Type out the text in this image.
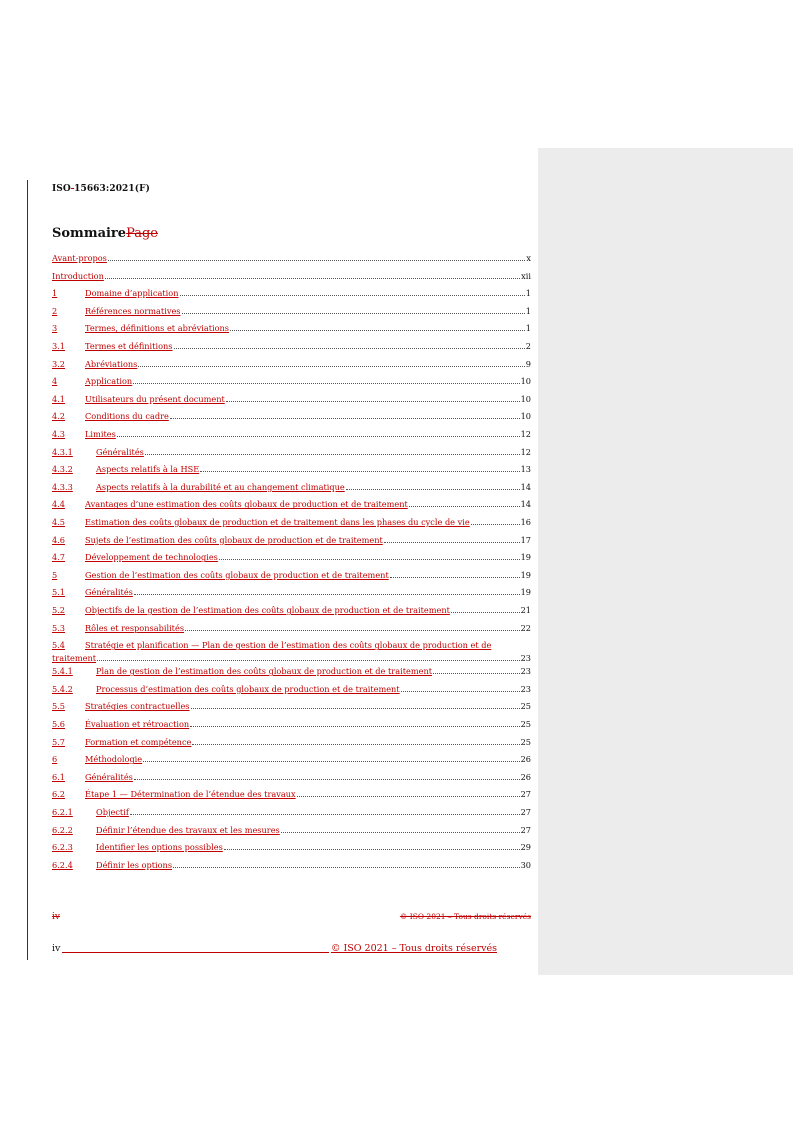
ISO 15663:2021(F)
SommairePage
Avant-propos	x
Introduction	xii
1	Domaine d’application	1
2	Références normatives	1
3	Termes, définitions et abréviations	1
3.1	Termes et définitions	2
3.2	Abréviations	9
4	Application	10
4.1	Utilisateurs du présent document	10
4.2	Conditions du cadre	10
4.3	Limites	12
4.3.1	Généralités	12
4.3.2	Aspects relatifs à la HSE	13
4.3.3	Aspects relatifs à la durabilité et au changement climatique	14
4.4	Avantages d’une estimation des coûts globaux de production et de traitement	14
4.5	Estimation des coûts globaux de production et de traitement dans les phases du cycle de vie	16
4.6	Sujets de l’estimation des coûts globaux de production et de traitement	17
4.7	Développement de technologies	19
5	Gestion de l’estimation des coûts globaux de production et de traitement	19
5.1	Généralités	19
5.2	Objectifs de la gestion de l’estimation des coûts globaux de production et de traitement	21
5.3	Rôles et responsabilités	22
5.4	Stratégie et planification — Plan de gestion de l’estimation des coûts globaux de production et de
traitement	23
5.4.1	Plan de gestion de l’estimation des coûts globaux de production et de traitement	23
5.4.2	Processus d’estimation des coûts globaux de production et de traitement	23
5.5	Stratégies contractuelles	25
5.6	Évaluation et rétroaction	25
5.7	Formation et compétence	25
6	Méthodologie	26
6.1	Généralités	26
6.2	Étape 1 — Détermination de l’étendue des travaux	27
6.2.1	Objectif	27
6.2.2	Définir l’étendue des travaux et les mesures	27
6.2.3	Identifier les options possibles	29
6.2.4	Définir les options	30
iv	© ISO 2021 – Tous droits réservés
iv	© ISO 2021 – Tous droits réservés
